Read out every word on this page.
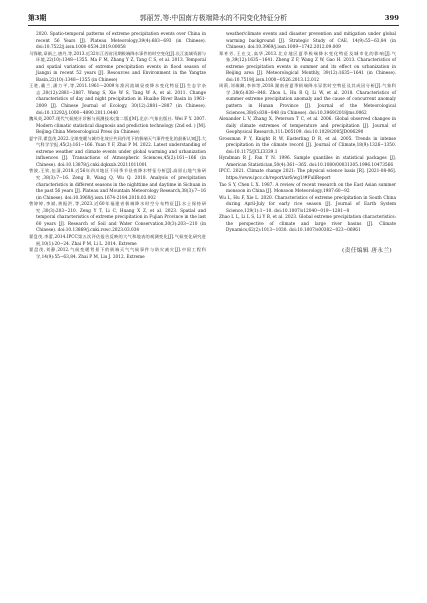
第3期	郭丽芳,等:中国南方极端降水的不同变化特征分析	399

2020. Spatio-temporal patterns of extreme precipitation events over China in recent 56 Years [J]. Plateau Meteorology,39(4):683−693 (in Chinese). doi:10.7522/j.issn.1000-0534.2019.00058

马锋敏,章新之,唐丹,等,2013.近32年江西省汛期极端降水事件的时空变化[J].长江流域资源与环境,22(10):1348−1355. Ma F M, Zhang Y Z, Tang C S, et al. 2013. Temporal and spatial variations of extreme precipitation events in flood season of Jiangxi in recent 52 years [J]. Resources and Environment in the Yangtze Basin,22(10):1348−1355 (in Chinese)

王胜,戴兰,潘力平,等,2011.1961—2009年淮河流域昼夜降水变化特征[J].生态学杂志,30(12):2881−2887. Wang S, Xie W S, Tang W A, et al. 2011. Change characteristics of day and night precipitation in Huaihe River Basin in 1961-2009 [J]. Chinese Journal of Ecology, 30(12):2881−2887 (in Chinese). doi:10.13292/j.1000−4890.2011.0440

魏凤英,2007.现代气候统计诊断与预测技术(第二版)[M].北京:气象出版社. Wei F Y. 2007. Modern climatic statistical diagnosis and prediction technology (2nd ed. ) [M]. Beijing:China Meteorological Press (in Chinese)

夏宇萍,翟盘茂,2022.全球变暖与城市化效应共同作用下的极端天气事件变化的最新认知[J].大气科学学报,45(2):161−166. Yuan Y F, Zhai P M. 2022. Latest understanding of extreme weather and climate events under global warming and urbanization influences [J]. Transactions of Atmospheric Sciences,45(2):161−166 (in Chinese). doi:10.13878/j.cnki.dqkxxb.20211011001

曾波,王钦,伍清,2018.近56年四川地区不同季节昼夜降水特征分析[J].高原山地气象研究,38(3):7−16. Zeng B, Wang Q, Wu Q. 2018. Analysis of precipitation characteristics in different seasons in the nighttime and daytime in Sichuan in the past 56 years [J]. Plateau and Mountain Meteorology Research,38(3):7−16 (in Chinese). doi:10.3969/j.issn.1674-2184.2018.03.002

曾婷婷,李斌,黄振洪,等,2023.近60年福建省极端降水时空分布特征[J].水土保持研究,30(3):203−210. Zeng Y T, Li C, Huang X Z, et al. 2023. Spatial and temporal characteristics of extreme precipitation in Fujian Province in the last 60 years [J]. Research of Soil and Water Conservation,30(3):203−210 (in Chinese). doi:10.13869/j.cnki.rswc.2023.03.034

翟盘茂,李蕾,2014.IPCC第五次评估报告反映的大气和地表的观测变化[J].气候变化研究进展,10(1):20−24. Zhai P M, Li L. 2014. Extreme

翟盘茂,刘静,2012.气候变暖背景下的极端天气气候事件与防灾减灾[J].中国工程科学,14(9):55−63,84. Zhai P M, Liu J. 2012. Extreme

weather/climate events and disaster prevention and mitigation under global warming background [J]. Strategic Study of CAE, 14(9):55−63,84 (in Chinese). doi:10.3969/j.issn.1009−1742.2012.09.009

郑祚芳,王在文,高华,2013.北京地区夏季极端降水变化特征及城市化的影响[J].气象,39(12):1635−1641. Zheng Z F, Wang Z W, Gao H. 2013. Characteristics of extreme precipitation events in summer and its effect on urbanization in Beijing area [J]. Meteorological Monthly, 39(12):1635−1641 (in Chinese). doi:10.7519/j.issn.1000−0526.2013.12.012

周莉,刘瑞卿,李伟等,2018.湖南省夏季极端降水异常时空特征及其成因分析[J].气象科学,38(6):838−848. Zhou L, Hu R Q, Li W, et al. 2018. Characteristics of summer extreme precipitation anomaly and the cause of concurrent anomaly pattern in Hunan Province [J]. Journal of the Meteorological Sciences,38(6):838−848 (in Chinese). doi:10.3969/2018jms.0062

Alexander L V, Zhang X, Peterson T C, et al. 2006. Global observed changes in daily climate extremes of temperature and precipitation [J]. Journal of Geophysical Research,111:D05109. doi:10.1029/2005JD006290

Grossman P Y, Knight R W, Easterling D R, et al. 2005. Trends in intense precipitation in the climate record [J]. Journal of Climate,18(9):1326−1350. doi:10.1175/JCLI3339.1

Hyndman R J, Fan Y N. 1996. Sample quantiles in statistical packages [J]. American Statistician,50(4):361−365. doi:10.1080/00031305.1996.10473566

IPCC. 2021. Climate change 2021: The physical science basis [R]. [2021-08-06]. https://www.ipcc.ch/report/ar6/wg1/#FullReport

Tao S Y, Chen L X. 1987. A review of recent research on the East Asian summer monsoon in China [J]. Monsoon Meteorology,1987:60−92

Wu L, Hu F, Xie L. 2020. Characteristics of extreme precipitation in South China during April-July for early rice season [J]. Journal of Earth System Science,129(1):1−10. doi:10.1007/s12040−019−1281−8

Zhao L L, Li L S, Li Y B, et al. 2023. Global extreme precipitation characteristics: the perspective of climate and large river basins [J]. Climate Dynamics,62(2):1013−1030. doi:10.1007/s00382−023−06961

(责任编辑 唐永兰)
